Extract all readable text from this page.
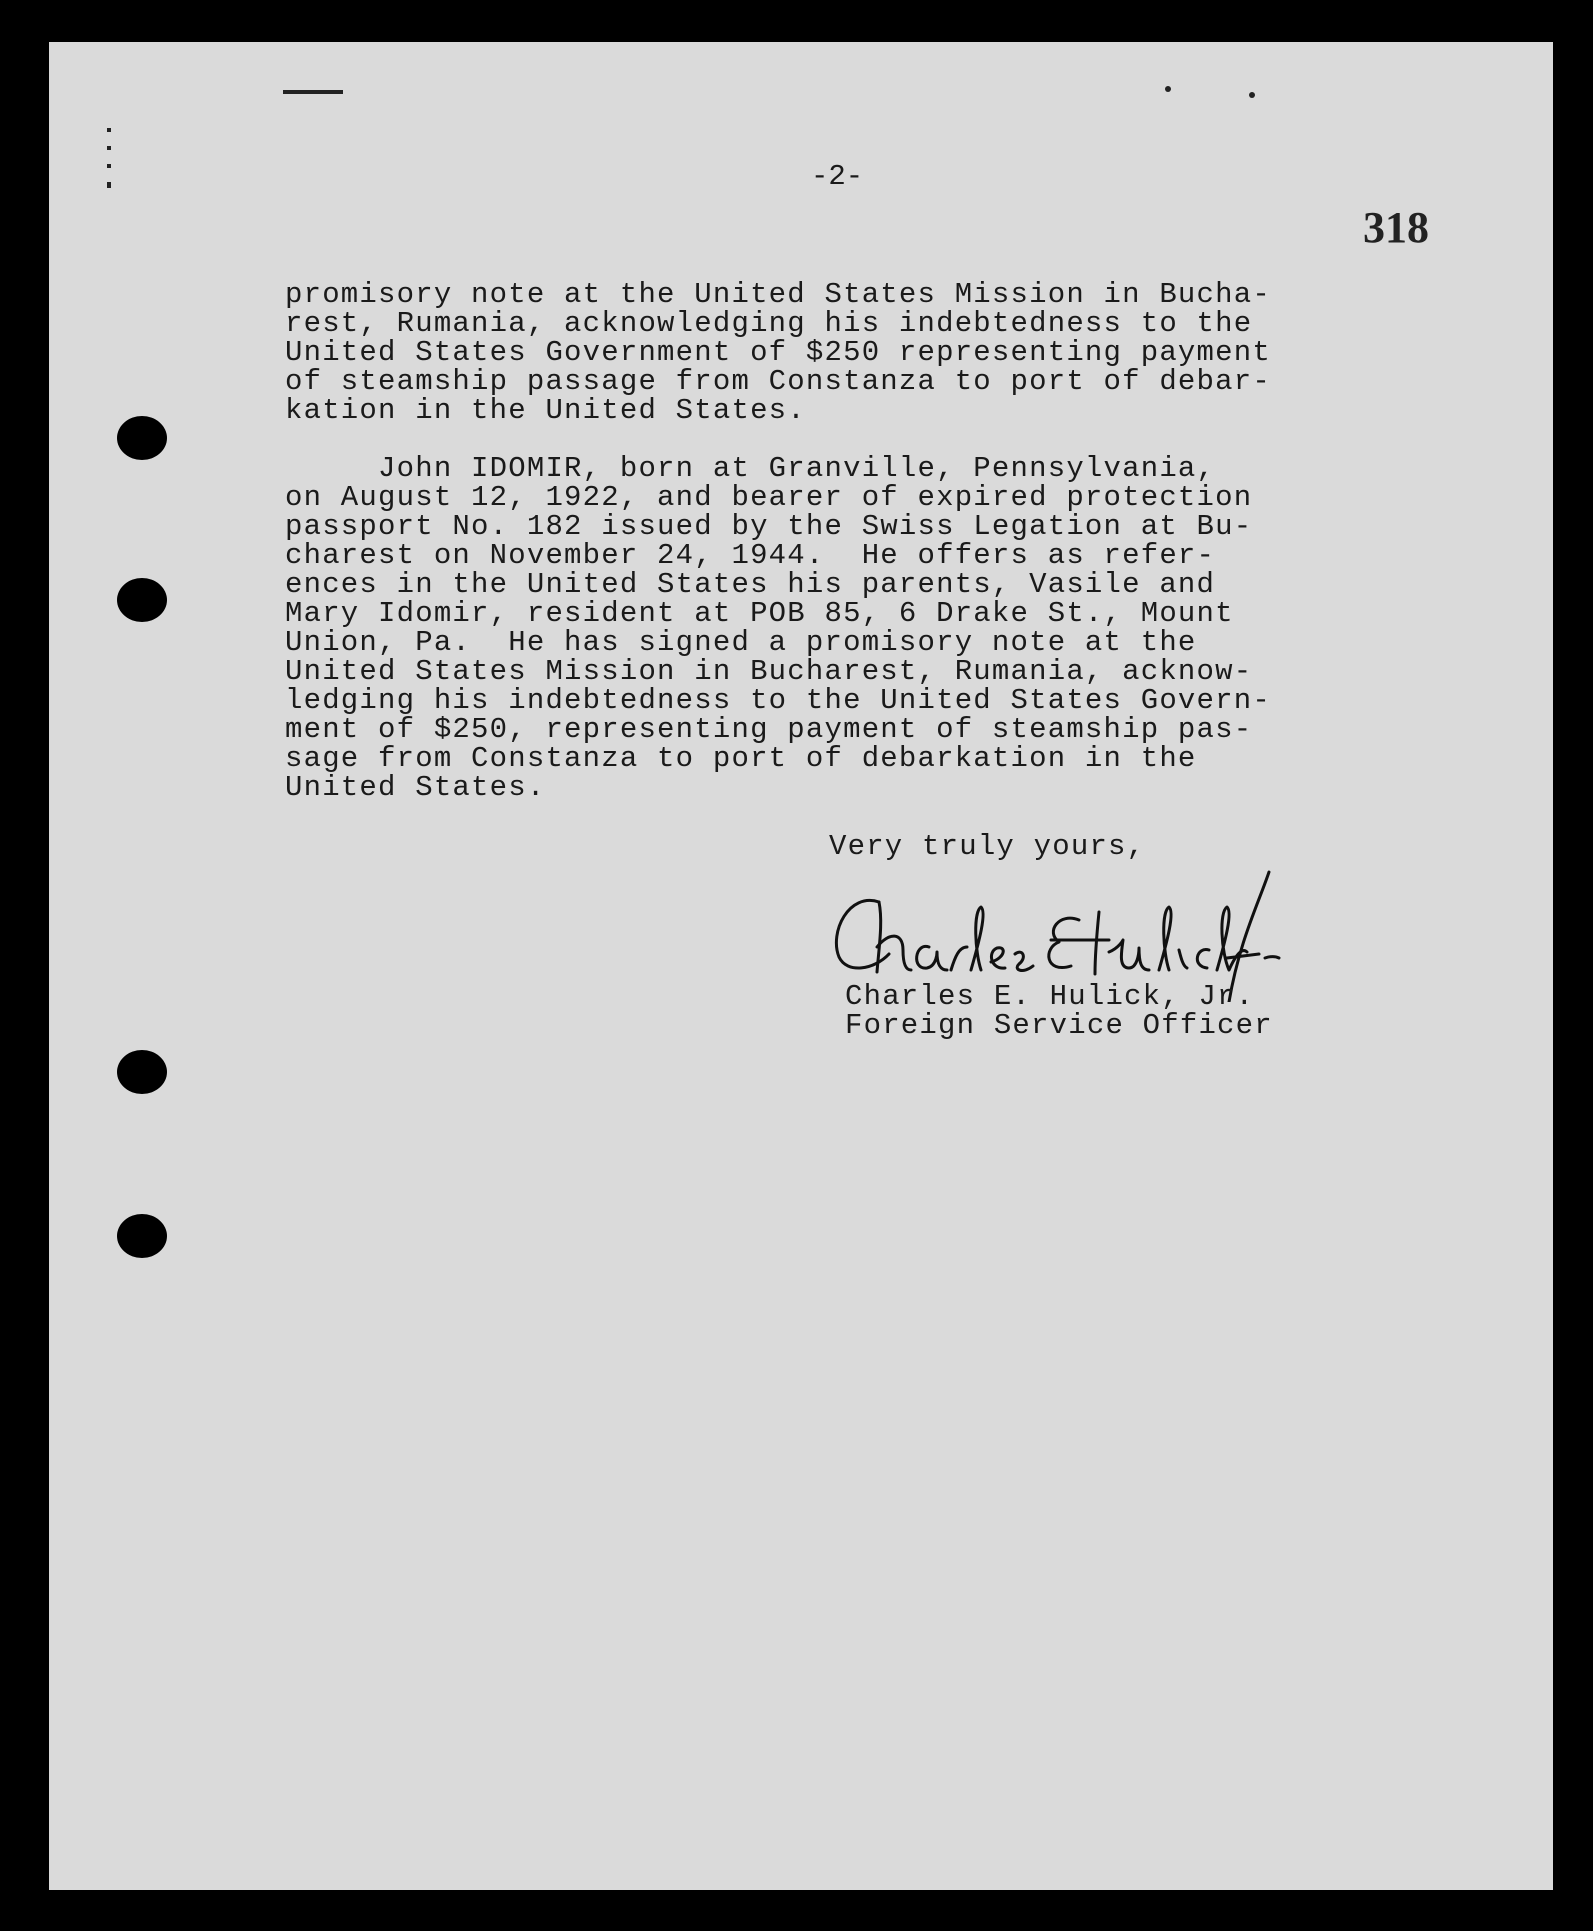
-2-
318
promisory note at the United States Mission in Bucha-
rest, Rumania, acknowledging his indebtedness to the
United States Government of $250 representing payment
of steamship passage from Constanza to port of debar-
kation in the United States.
John IDOMIR, born at Granville, Pennsylvania,
on August 12, 1922, and bearer of expired protection
passport No. 182 issued by the Swiss Legation at Bu-
charest on November 24, 1944.  He offers as refer-
ences in the United States his parents, Vasile and
Mary Idomir, resident at POB 85, 6 Drake St., Mount
Union, Pa.  He has signed a promisory note at the
United States Mission in Bucharest, Rumania, acknow-
ledging his indebtedness to the United States Govern-
ment of $250, representing payment of steamship pas-
sage from Constanza to port of debarkation in the
United States.
Very truly yours,
Charles E. Hulick, Jr.
Foreign Service Officer
